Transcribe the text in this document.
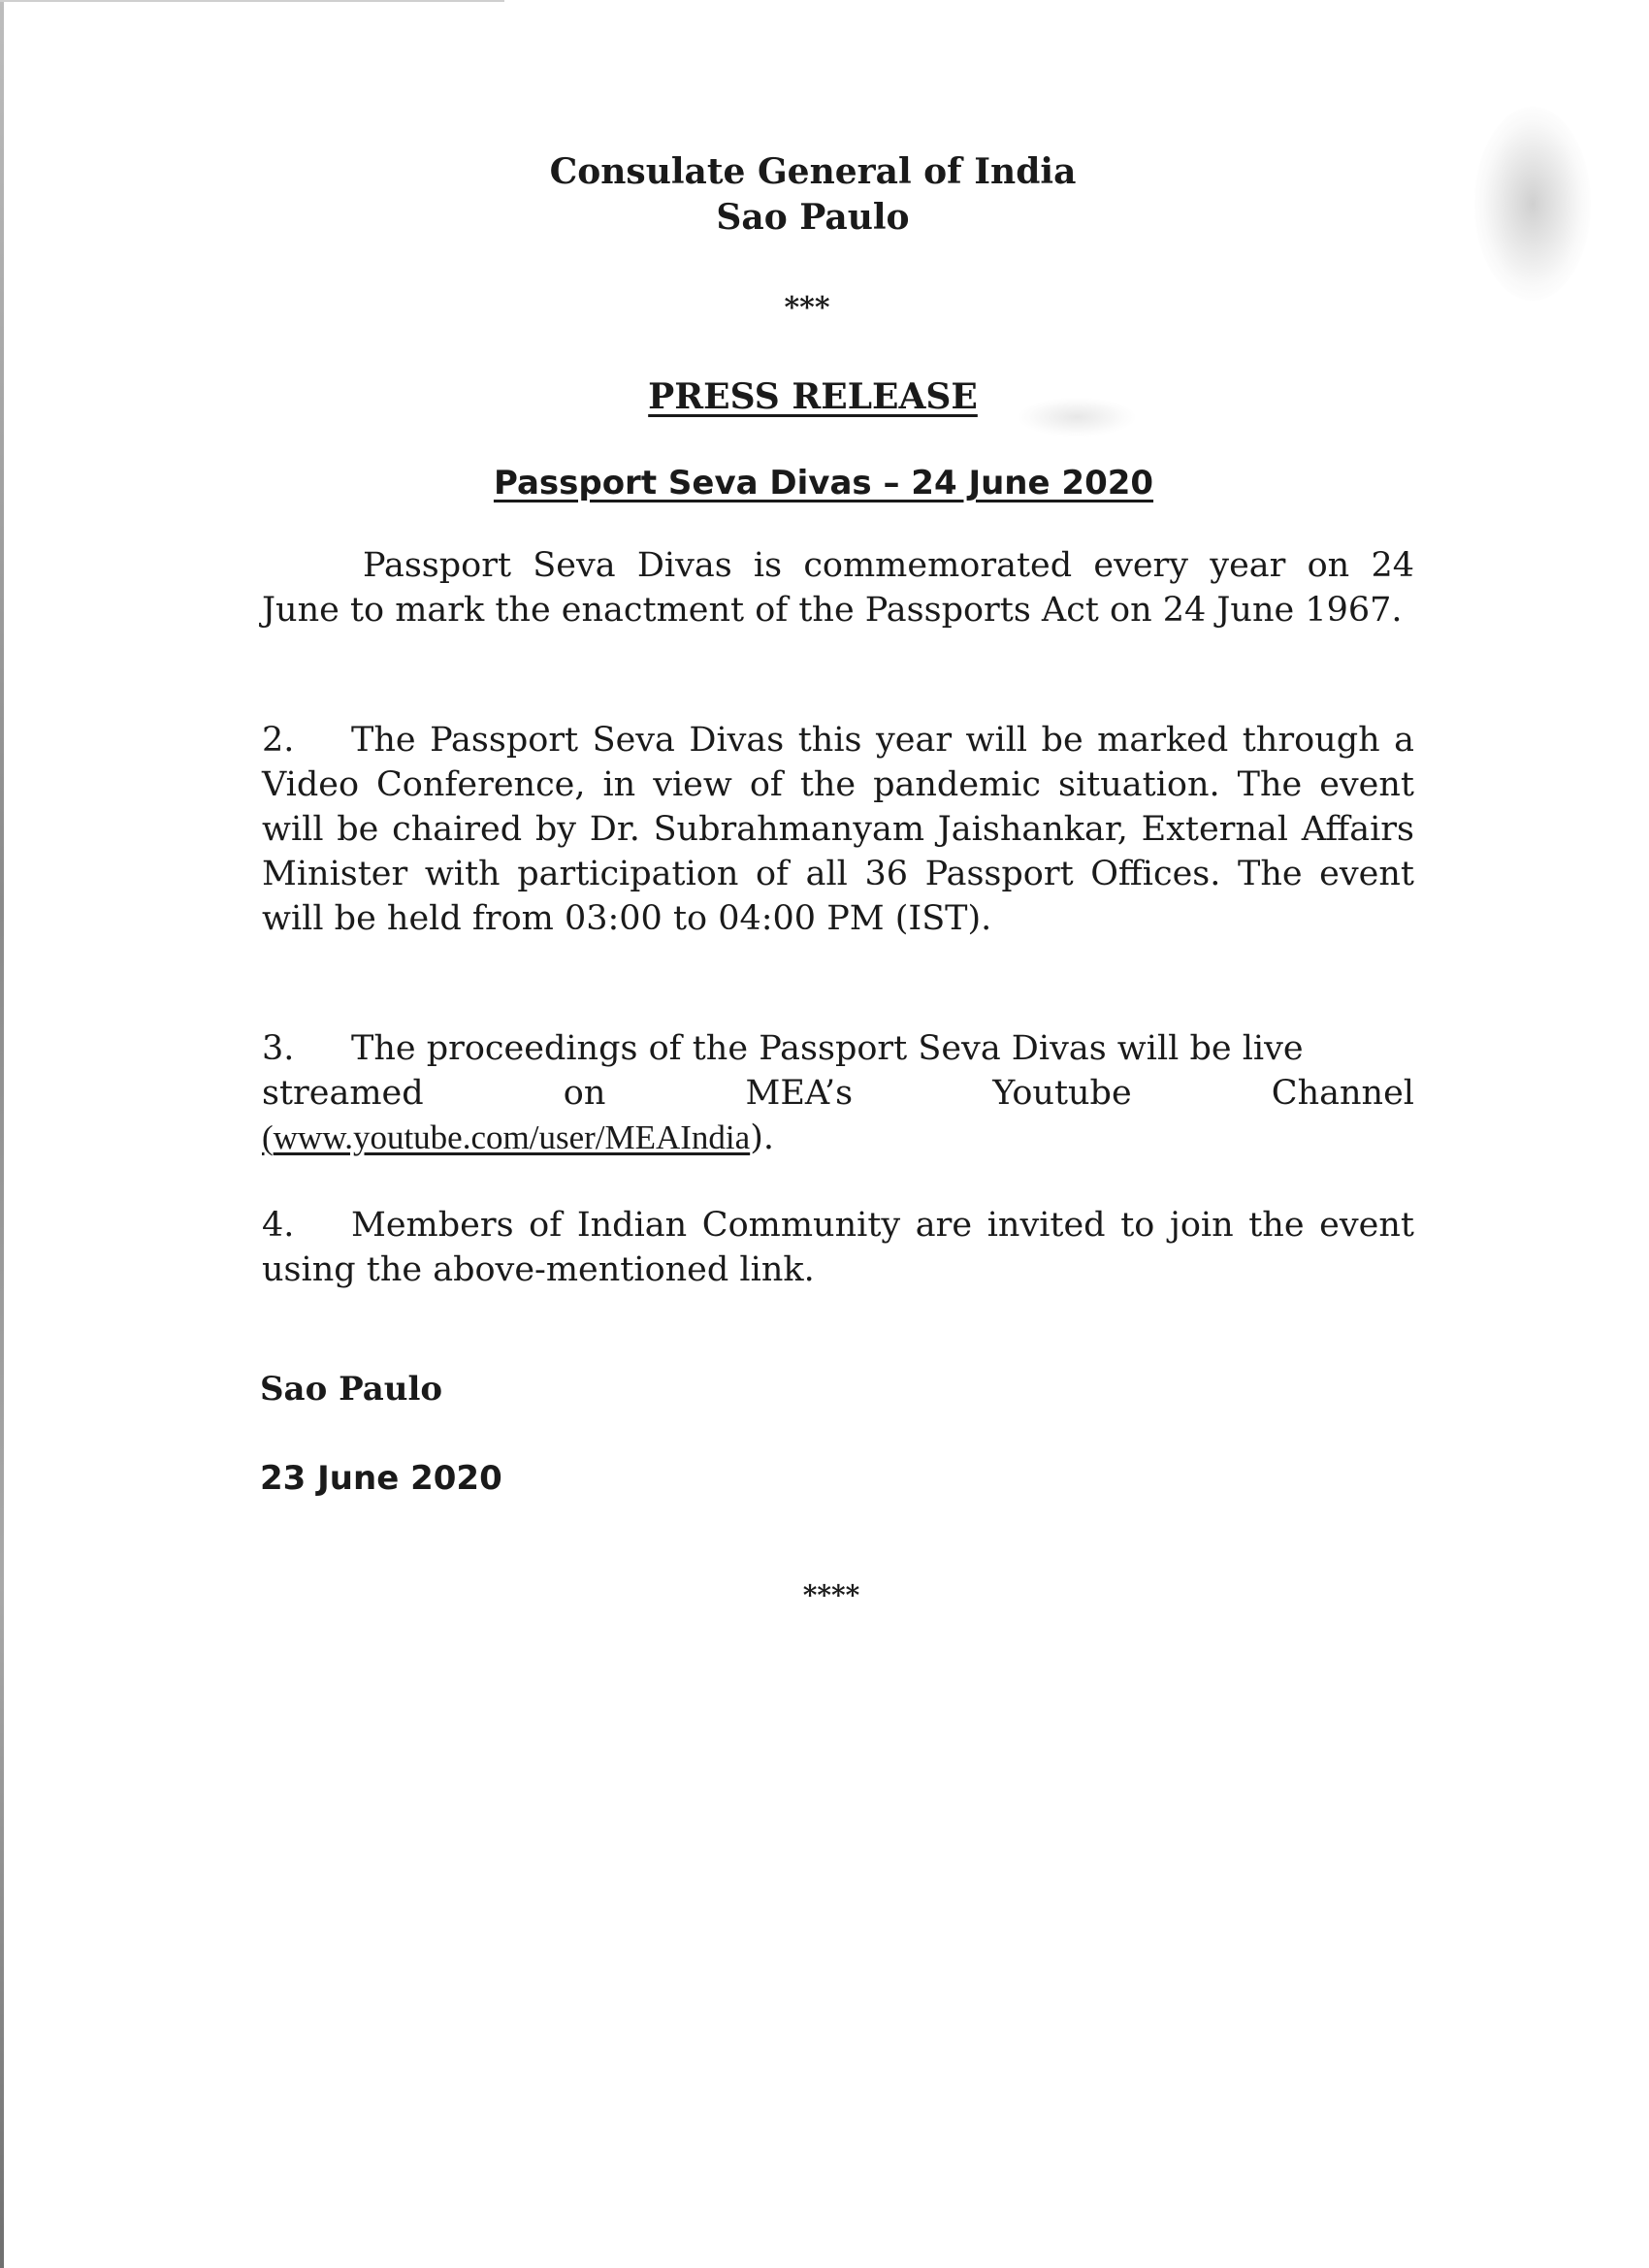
Consulate General of India
Sao Paulo
***
PRESS RELEASE
Passport Seva Divas – 24 June 2020
Passport Seva Divas is commemorated every year on 24 June to mark the enactment of the Passports Act on 24 June 1967.
2. The Passport Seva Divas this year will be marked through a Video Conference, in view of the pandemic situation. The event will be chaired by Dr. Subrahmanyam Jaishankar, External Affairs Minister with participation of all 36 Passport Offices. The event will be held from 03:00 to 04:00 PM (IST).
3. The proceedings of the Passport Seva Divas will be live
streamed	on	MEA’s	Youtube	Channel
(www.youtube.com/user/MEAIndia).
4. Members of Indian Community are invited to join the event using the above-mentioned link.
Sao Paulo
23 June 2020
****
